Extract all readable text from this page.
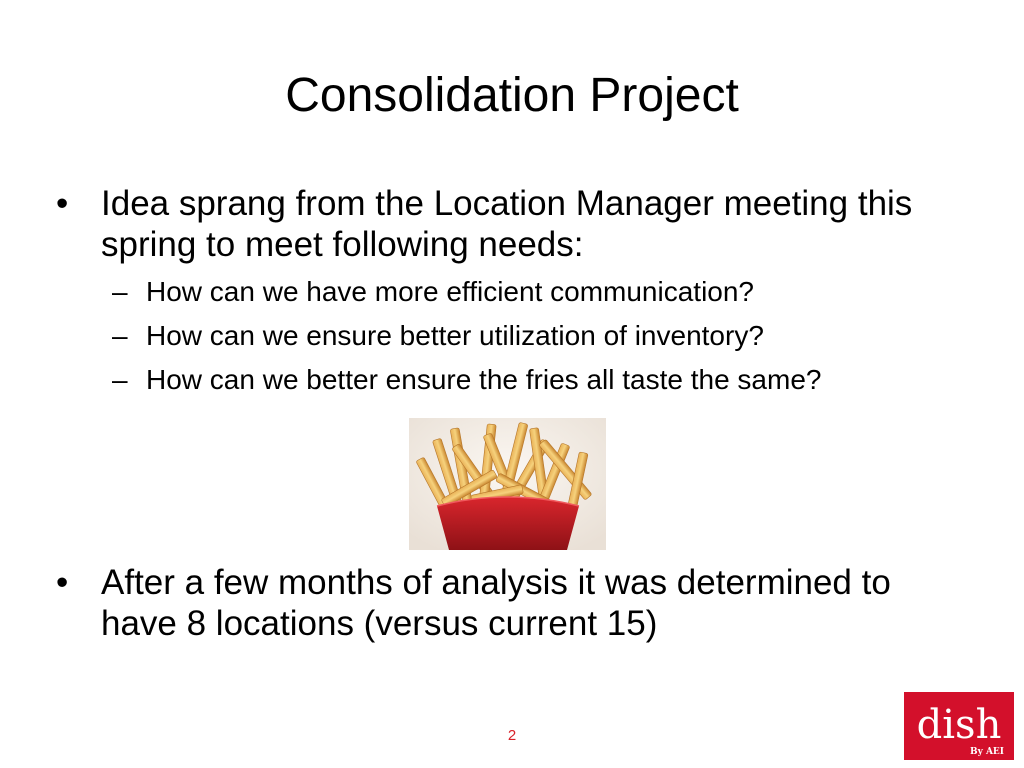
Consolidation Project
• Idea sprang from the Location Manager meeting this spring to meet following needs:
– How can we have more efficient communication?
– How can we ensure better utilization of inventory?
– How can we better ensure the fries all taste the same?
• After a few months of analysis it was determined to have 8 locations (versus current 15)
2	dish
By AEI
